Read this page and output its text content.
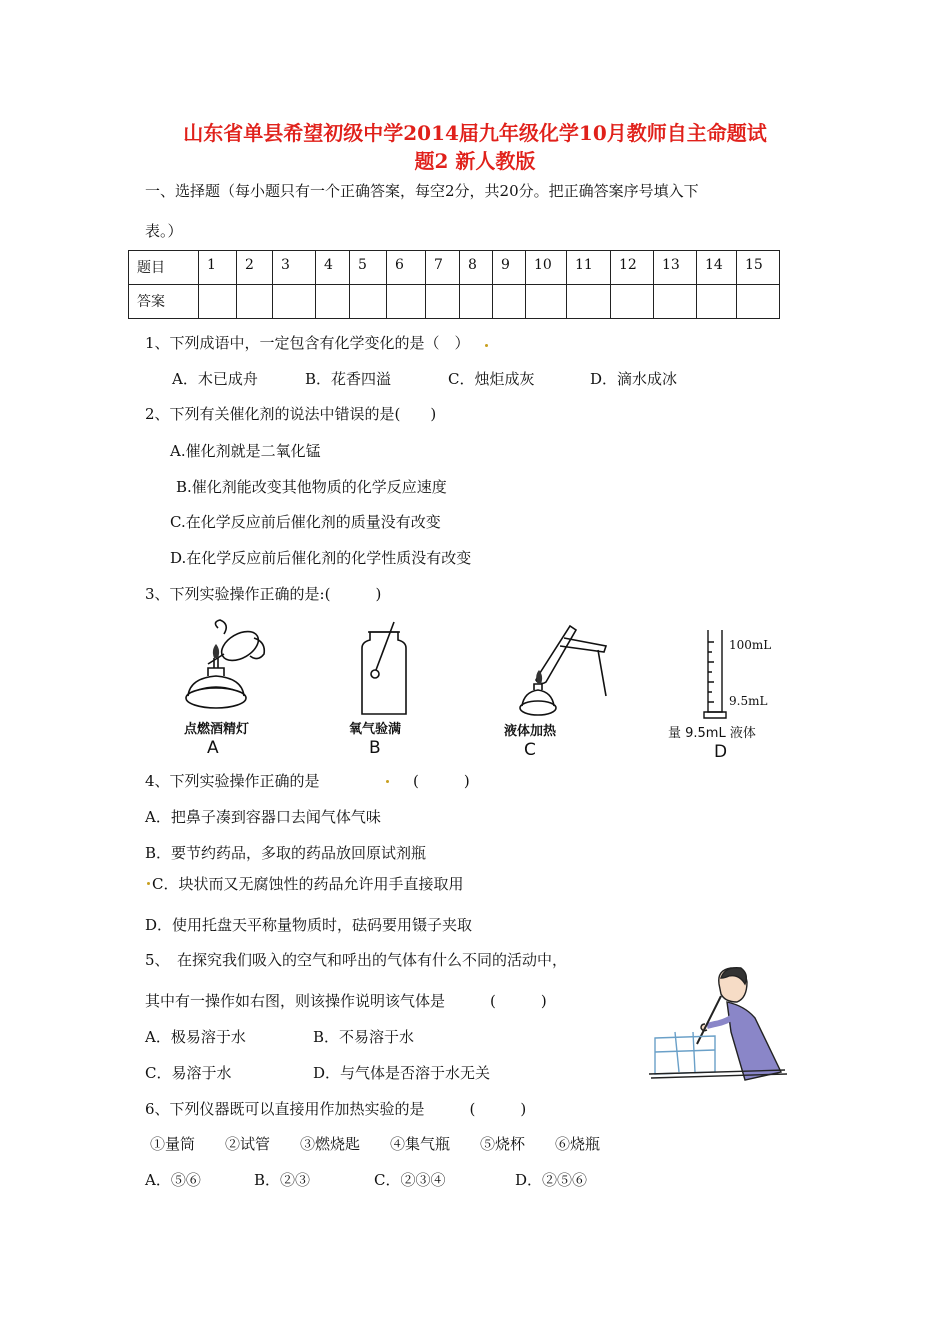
山东省单县希望初级中学2014届九年级化学10月教师自主命题试
题2 新人教版
一、选择题（每小题只有一个正确答案，每空2分，共20分。把正确答案序号填入下
表。）
题目	1	2	3	4	5	6	7	8	9	10	11	12	13	14	15
答案															
1、下列成语中，一定包含有化学变化的是（　）
A．木已成舟	B．花香四溢	C．烛炬成灰	D．滴水成冰
2、下列有关催化剂的说法中错误的是(　　)
A.催化剂就是二氧化锰
B.催化剂能改变其他物质的化学反应速度
C.在化学反应前后催化剂的质量没有改变
D.在化学反应前后催化剂的化学性质没有改变
3、下列实验操作正确的是:(　　　)
点燃酒精灯
A
氧气验满
B
液体加热
C
100mL
9.5mL
量 9.5mL 液体
D
4、下列实验操作正确的是	(　　　)
A．把鼻子凑到容器口去闻气体气味
B．要节约药品，多取的药品放回原试剂瓶
C．块状而又无腐蚀性的药品允许用手直接取用
D．使用托盘天平称量物质时，砝码要用镊子夹取
5、　在探究我们吸入的空气和呼出的气体有什么不同的活动中，
其中有一操作如右图，则该操作说明该气体是　　　(　　　)
A．极易溶于水	B．不易溶于水
C．易溶于水	D．与气体是否溶于水无关
6、下列仪器既可以直接用作加热实验的是　　　(　　　)
①量筒　　②试管　　③燃烧匙　　④集气瓶　　⑤烧杯　　⑥烧瓶
A．⑤⑥	B．②③	C．②③④	D．②⑤⑥
